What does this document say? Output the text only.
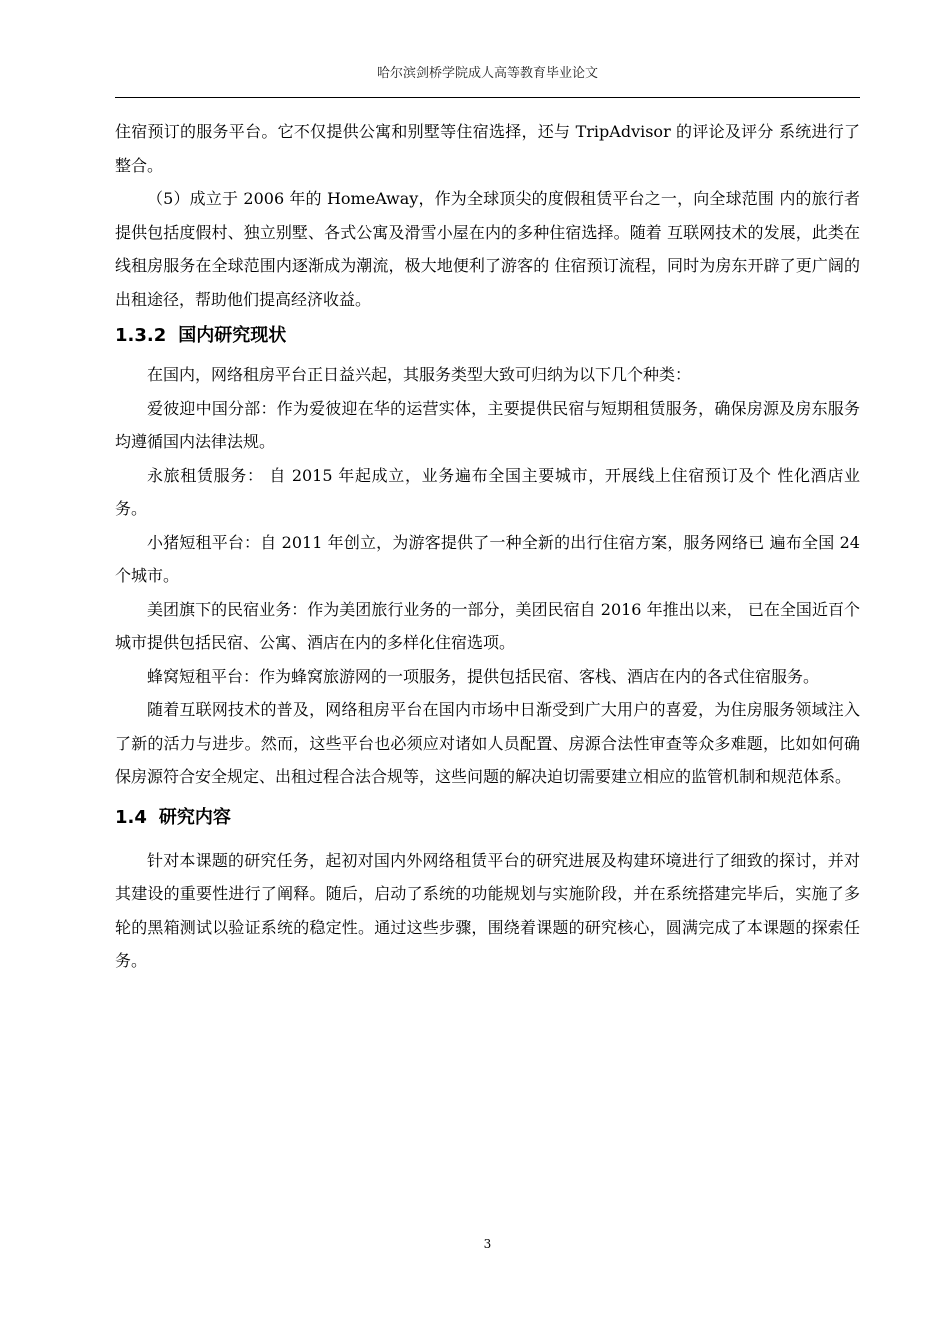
哈尔滨剑桥学院成人高等教育毕业论文

住宿预订的服务平台。它不仅提供公寓和别墅等住宿选择，还与 TripAdvisor 的评论及评分 系统进行了整合。

（5）成立于 2006 年的 HomeAway，作为全球顶尖的度假租赁平台之一，向全球范围 内的旅行者提供包括度假村、独立别墅、各式公寓及滑雪小屋在内的多种住宿选择。随着 互联网技术的发展，此类在线租房服务在全球范围内逐渐成为潮流，极大地便利了游客的 住宿预订流程，同时为房东开辟了更广阔的出租途径，帮助他们提高经济收益。

1.3.2 国内研究现状

在国内，网络租房平台正日益兴起，其服务类型大致可归纳为以下几个种类：

爱彼迎中国分部：作为爱彼迎在华的运营实体，主要提供民宿与短期租赁服务，确保房源及房东服务均遵循国内法律法规。

永旅租赁服务： 自 2015 年起成立，业务遍布全国主要城市，开展线上住宿预订及个 性化酒店业务。

小猪短租平台：自 2011 年创立，为游客提供了一种全新的出行住宿方案，服务网络已 遍布全国 24 个城市。

美团旗下的民宿业务：作为美团旅行业务的一部分，美团民宿自 2016 年推出以来， 已在全国近百个城市提供包括民宿、公寓、酒店在内的多样化住宿选项。

蜂窝短租平台：作为蜂窝旅游网的一项服务，提供包括民宿、客栈、酒店在内的各式住宿服务。

随着互联网技术的普及，网络租房平台在国内市场中日渐受到广大用户的喜爱，为住房服务领域注入了新的活力与进步。然而，这些平台也必须应对诸如人员配置、房源合法性审查等众多难题，比如如何确保房源符合安全规定、出租过程合法合规等，这些问题的解决迫切需要建立相应的监管机制和规范体系。

1.4 研究内容

针对本课题的研究任务，起初对国内外网络租赁平台的研究进展及构建环境进行了细致的探讨，并对其建设的重要性进行了阐释。随后，启动了系统的功能规划与实施阶段，并在系统搭建完毕后，实施了多轮的黑箱测试以验证系统的稳定性。通过这些步骤，围绕着课题的研究核心，圆满完成了本课题的探索任务。

3
